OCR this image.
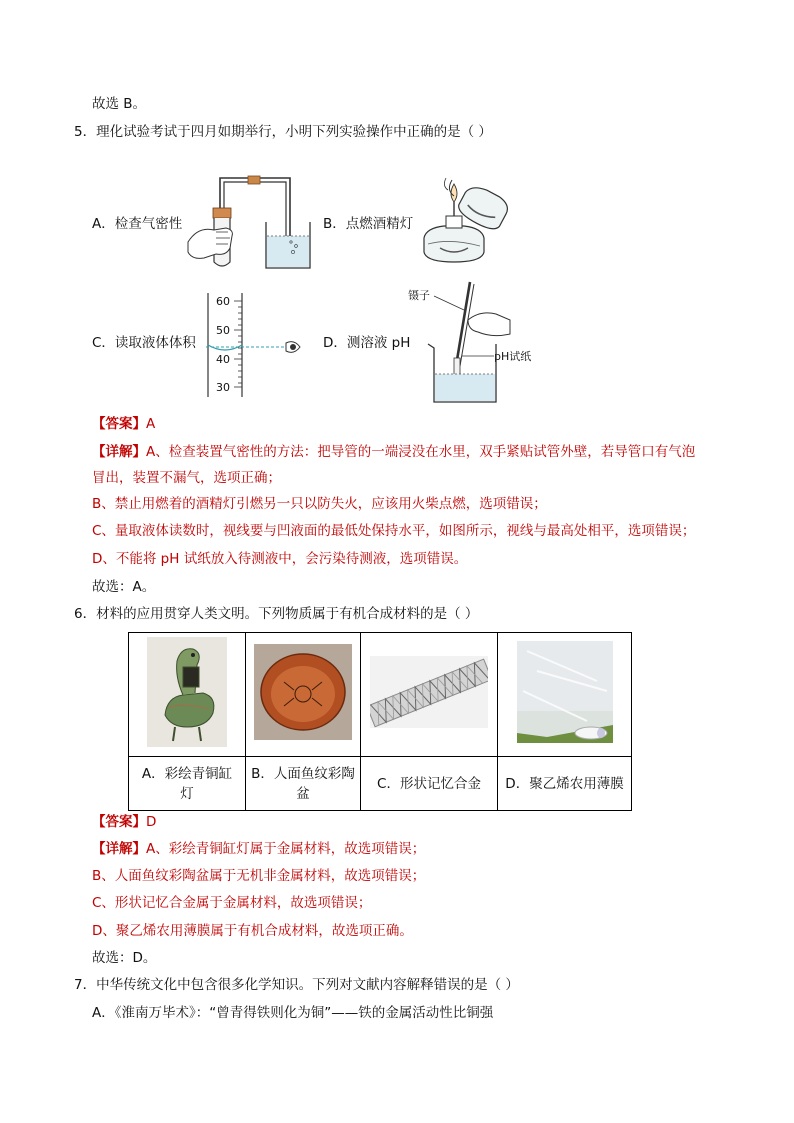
故选 B。
5．理化试验考试于四月如期举行，小明下列实验操作中正确的是（ ）
A．检查气密性	B．点燃酒精灯
C．读取液体体积	D．测溶液 pH
60
50
40
30
镊子
pH试纸
【答案】A
【详解】A、检查装置气密性的方法：把导管的一端浸没在水里，双手紧贴试管外壁，若导管口有气泡
冒出，装置不漏气，选项正确；
B、禁止用燃着的酒精灯引燃另一只以防失火，应该用火柴点燃，选项错误；
C、量取液体读数时，视线要与凹液面的最低处保持水平，如图所示，视线与最高处相平，选项错误；
D、不能将 pH 试纸放入待测液中，会污染待测液，选项错误。
故选：A。
6．材料的应用贯穿人类文明。下列物质属于有机合成材料的是（ ）

A．彩绘青铜缸
灯	B．人面鱼纹彩陶盆	C．形状记忆合金	D．聚乙烯农用薄膜
【答案】D
【详解】A、彩绘青铜缸灯属于金属材料，故选项错误；
B、人面鱼纹彩陶盆属于无机非金属材料，故选项错误；
C、形状记忆合金属于金属材料，故选项错误；
D、聚乙烯农用薄膜属于有机合成材料，故选项正确。
故选：D。
7．中华传统文化中包含很多化学知识。下列对文献内容解释错误的是（ ）
A．《淮南万毕术》：“曾青得铁则化为铜”——铁的金属活动性比铜强
